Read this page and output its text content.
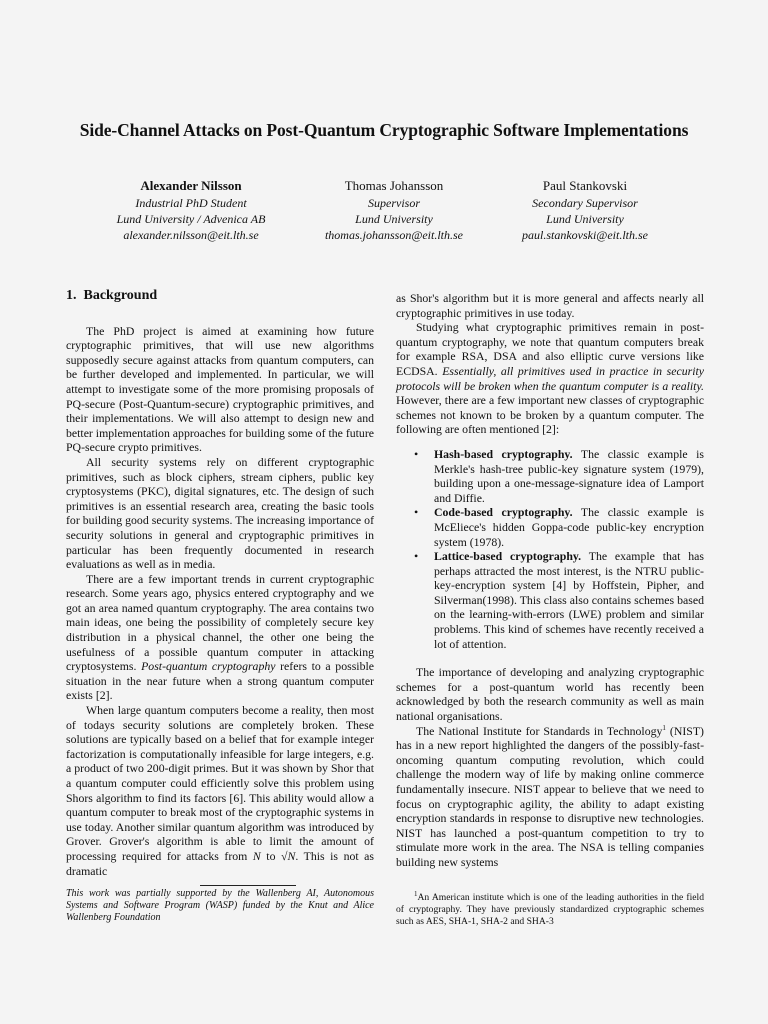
Side-Channel Attacks on Post-Quantum Cryptographic Software Implementations
Alexander Nilsson
Industrial PhD Student
Lund University / Advenica AB
alexander.nilsson@eit.lth.se
Thomas Johansson
Supervisor
Lund University
thomas.johansson@eit.lth.se
Paul Stankovski
Secondary Supervisor
Lund University
paul.stankovski@eit.lth.se
1. Background

The PhD project is aimed at examining how future cryptographic primitives, that will use new algorithms supposedly secure against attacks from quantum computers, can be further developed and implemented. In particular, we will attempt to investigate some of the more promising proposals of PQ-secure (Post-Quantum-secure) cryptographic primitives, and their implementations. We will also attempt to design new and better implementation approaches for building some of the future PQ-secure crypto primitives.

All security systems rely on different cryptographic primitives, such as block ciphers, stream ciphers, public key cryptosystems (PKC), digital signatures, etc. The design of such primitives is an essential research area, creating the basic tools for building good security systems. The increasing importance of security solutions in general and cryptographic primitives in particular has been frequently documented in research evaluations as well as in media.

There are a few important trends in current cryptographic research. Some years ago, physics entered cryptography and we got an area named quantum cryptography. The area contains two main ideas, one being the possibility of completely secure key distribution in a physical channel, the other one being the usefulness of a possible quantum computer in attacking cryptosystems. Post-quantum cryptography refers to a possible situation in the near future when a strong quantum computer exists [2].

When large quantum computers become a reality, then most of todays security solutions are completely broken. These solutions are typically based on a belief that for example integer factorization is computationally infeasible for large integers, e.g. a product of two 200-digit primes. But it was shown by Shor that a quantum computer could efficiently solve this problem using Shors algorithm to find its factors [6]. This ability would allow a quantum computer to break most of the cryptographic systems in use today. Another similar quantum algorithm was introduced by Grover. Grover's algorithm is able to limit the amount of processing required for attacks from N to √N. This is not as dramatic

as Shor's algorithm but it is more general and affects nearly all cryptographic primitives in use today.

Studying what cryptographic primitives remain in post-quantum cryptography, we note that quantum computers break for example RSA, DSA and also elliptic curve versions like ECDSA. Essentially, all primitives used in practice in security protocols will be broken when the quantum computer is a reality. However, there are a few important new classes of cryptographic schemes not known to be broken by a quantum computer. The following are often mentioned [2]:

• Hash-based cryptography. The classic example is Merkle's hash-tree public-key signature system (1979), building upon a one-message-signature idea of Lamport and Diffie.
• Code-based cryptography. The classic example is McEliece's hidden Goppa-code public-key encryption system (1978).
• Lattice-based cryptography. The example that has perhaps attracted the most interest, is the NTRU public-key-encryption system [4] by Hoffstein, Pipher, and Silverman(1998). This class also contains schemes based on the learning-with-errors (LWE) problem and similar problems. This kind of schemes have recently received a lot of attention.

The importance of developing and analyzing cryptographic schemes for a post-quantum world has recently been acknowledged by both the research community as well as main national organisations.

The National Institute for Standards in Technology$^1$ (NIST) has in a new report highlighted the dangers of the possibly-fast-oncoming quantum computing revolution, which could challenge the modern way of life by making online commerce fundamentally insecure. NIST appear to believe that we need to focus on cryptographic agility, the ability to adapt existing encryption standards in response to disruptive new technologies. NIST has launched a post-quantum competition to try to stimulate more work in the area. The NSA is telling companies building new systems

This work was partially supported by the Wallenberg AI, Autonomous Systems and Software Program (WASP) funded by the Knut and Alice Wallenberg Foundation
$^1$An American institute which is one of the leading authorities in the field of cryptography. They have previously standardized cryptographic schemes such as AES, SHA-1, SHA-2 and SHA-3
